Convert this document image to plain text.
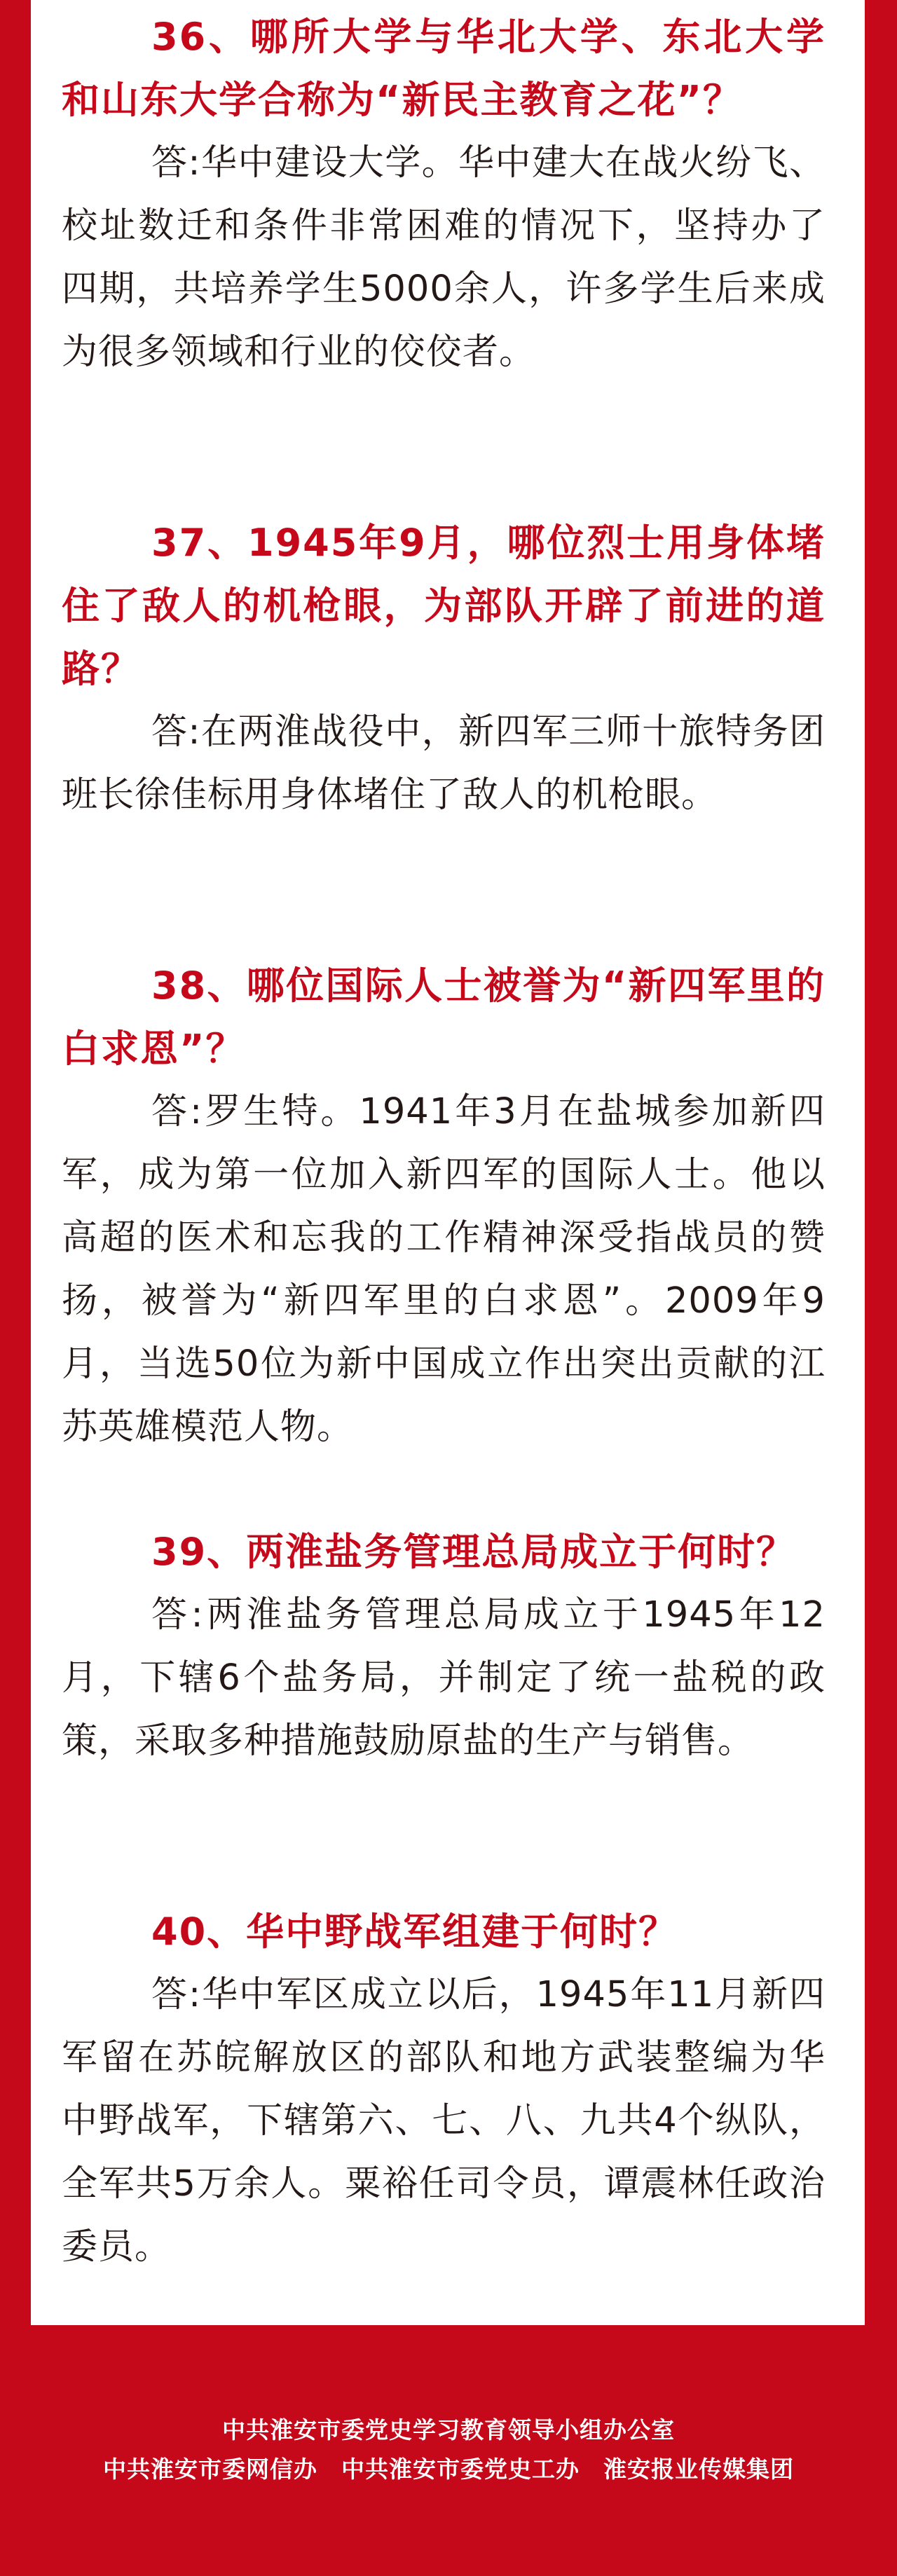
36、哪所大学与华北大学、东北大学和山东大学合称为“新民主教育之花”？

答:华中建设大学。华中建大在战火纷飞、校址数迁和条件非常困难的情况下，坚持办了四期，共培养学生5000余人，许多学生后来成为很多领域和行业的佼佼者。

37、1945年9月，哪位烈士用身体堵住了敌人的机枪眼，为部队开辟了前进的道路？

答:在两淮战役中，新四军三师十旅特务团班长徐佳标用身体堵住了敌人的机枪眼。

38、哪位国际人士被誉为“新四军里的白求恩”？

答:罗生特。1941年3月在盐城参加新四军，成为第一位加入新四军的国际人士。他以高超的医术和忘我的工作精神深受指战员的赞扬，被誉为“新四军里的白求恩”。2009年9月，当选50位为新中国成立作出突出贡献的江苏英雄模范人物。

39、两淮盐务管理总局成立于何时？

答:两淮盐务管理总局成立于1945年12月，下辖6个盐务局，并制定了统一盐税的政策，采取多种措施鼓励原盐的生产与销售。

40、华中野战军组建于何时？

答:华中军区成立以后，1945年11月新四军留在苏皖解放区的部队和地方武装整编为华中野战军，下辖第六、七、八、九共4个纵队，全军共5万余人。粟裕任司令员，谭震林任政治委员。

中共淮安市委党史学习教育领导小组办公室
中共淮安市委网信办　中共淮安市委党史工办　淮安报业传媒集团
